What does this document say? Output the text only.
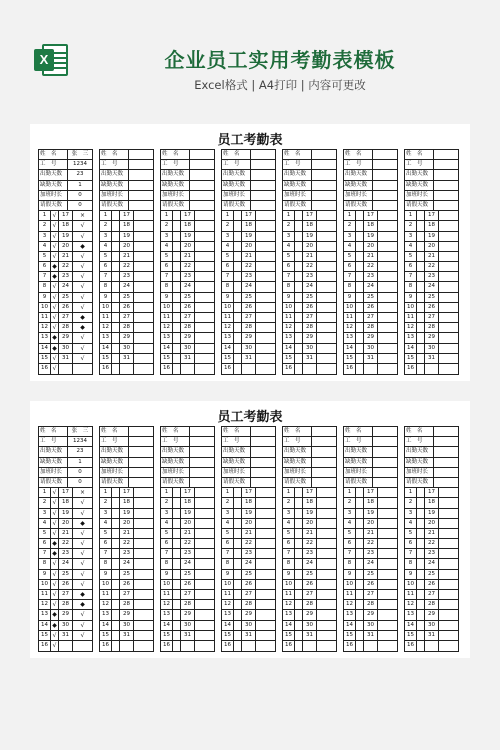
X	企业员工实用考勤表模板
Excel格式 | A4打印 | 内容可更改
员工考勤表
姓　名	张　三
工　号	1234
出勤天数	23
缺勤天数	1
加班时长	0
请假天数	0
1	√	17	×
2	√	18	√
3	√	19	√
4	√	20	◆
5	√	21	√
6 ◆ 22	√
7 ◆ 23	√
8	√	24	√
9	√	25	√
10 √	26	√
11 √	27	◆
12 √	28	◆
13 ◆ 29	√
14 ◆ 30	√
15 √	31	√
16 √
姓　名
工　号
出勤天数
缺勤天数
加班时长
请假天数
1	17
2	18
3	19
4	20
5	21
6	22
7	23
8	24
9	25
10	26
11	27
12	28
13	29
14	30
15	31
16
姓　名
工　号
出勤天数
缺勤天数
加班时长
请假天数
1	17
2	18
3	19
4	20
5	21
6	22
7	23
8	24
9	25
10	26
11	27
12	28
13	29
14	30
15	31
16
姓　名
工　号
出勤天数
缺勤天数
加班时长
请假天数
1	17
2	18
3	19
4	20
5	21
6	22
7	23
8	24
9	25
10	26
11	27
12	28
13	29
14	30
15	31
16
姓　名
工　号
出勤天数
缺勤天数
加班时长
请假天数
1	17
2	18
3	19
4	20
5	21
6	22
7	23
8	24
9	25
10	26
11	27
12	28
13	29
14	30
15	31
16
姓　名
工　号
出勤天数
缺勤天数
加班时长
请假天数
1	17
2	18
3	19
4	20
5	21
6	22
7	23
8	24
9	25
10	26
11	27
12	28
13	29
14	30
15	31
16
姓　名
工　号
出勤天数
缺勤天数
加班时长
请假天数
1	17
2	18
3	19
4	20
5	21
6	22
7	23
8	24
9	25
10	26
11	27
12	28
13	29
14	30
15	31
16
员工考勤表
姓　名	张　三
工　号	1234
出勤天数	23
缺勤天数	1
加班时长	0
请假天数	0
1	√	17	×
2	√	18	√
3	√	19	√
4	√	20	◆
5	√	21	√
6 ◆ 22	√
7 ◆ 23	√
8	√	24	√
9	√	25	√
10 √	26	√
11 √	27	◆
12 √	28	◆
13 ◆ 29	√
14 ◆ 30	√
15 √	31	√
16 √
姓　名
工　号
出勤天数
缺勤天数
加班时长
请假天数
1	17
2	18
3	19
4	20
5	21
6	22
7	23
8	24
9	25
10	26
11	27
12	28
13	29
14	30
15	31
16
姓　名
工　号
出勤天数
缺勤天数
加班时长
请假天数
1	17
2	18
3	19
4	20
5	21
6	22
7	23
8	24
9	25
10	26
11	27
12	28
13	29
14	30
15	31
16
姓　名
工　号
出勤天数
缺勤天数
加班时长
请假天数
1	17
2	18
3	19
4	20
5	21
6	22
7	23
8	24
9	25
10	26
11	27
12	28
13	29
14	30
15	31
16
姓　名
工　号
出勤天数
缺勤天数
加班时长
请假天数
1	17
2	18
3	19
4	20
5	21
6	22
7	23
8	24
9	25
10	26
11	27
12	28
13	29
14	30
15	31
16
姓　名
工　号
出勤天数
缺勤天数
加班时长
请假天数
1	17
2	18
3	19
4	20
5	21
6	22
7	23
8	24
9	25
10	26
11	27
12	28
13	29
14	30
15	31
16
姓　名
工　号
出勤天数
缺勤天数
加班时长
请假天数
1	17
2	18
3	19
4	20
5	21
6	22
7	23
8	24
9	25
10	26
11	27
12	28
13	29
14	30
15	31
16
